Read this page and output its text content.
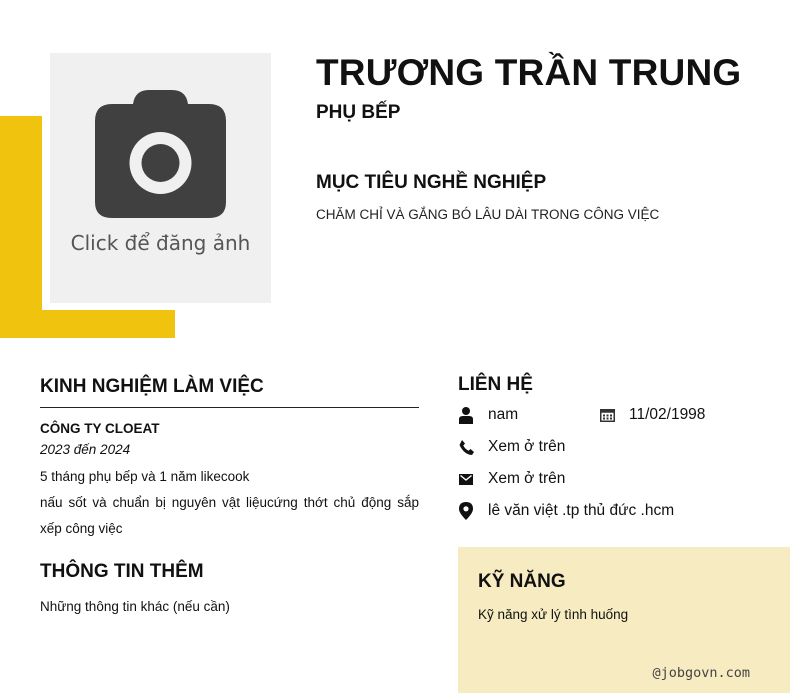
Click để đăng ảnh
TRƯƠNG TRẦN TRUNG
PHỤ BẾP
MỤC TIÊU NGHỀ NGHIỆP
CHĂM CHỈ VÀ GẮNG BÓ LÂU DÀI TRONG CÔNG VIỆC
KINH NGHIỆM LÀM VIỆC
CÔNG TY CLOEAT
2023 đến 2024

5 tháng phụ bếp và 1 năm likecook

nấu sốt và chuẩn bị nguyên vật liệucứng thớt chủ động sắp xếp công việc

THÔNG TIN THÊM
Những thông tin khác (nếu cần)
LIÊN HỆ
nam	11/02/1998
Xem ở trên
Xem ở trên
lê văn việt .tp thủ đức .hcm
KỸ NĂNG
Kỹ năng xử lý tình huống
@jobgovn.com
